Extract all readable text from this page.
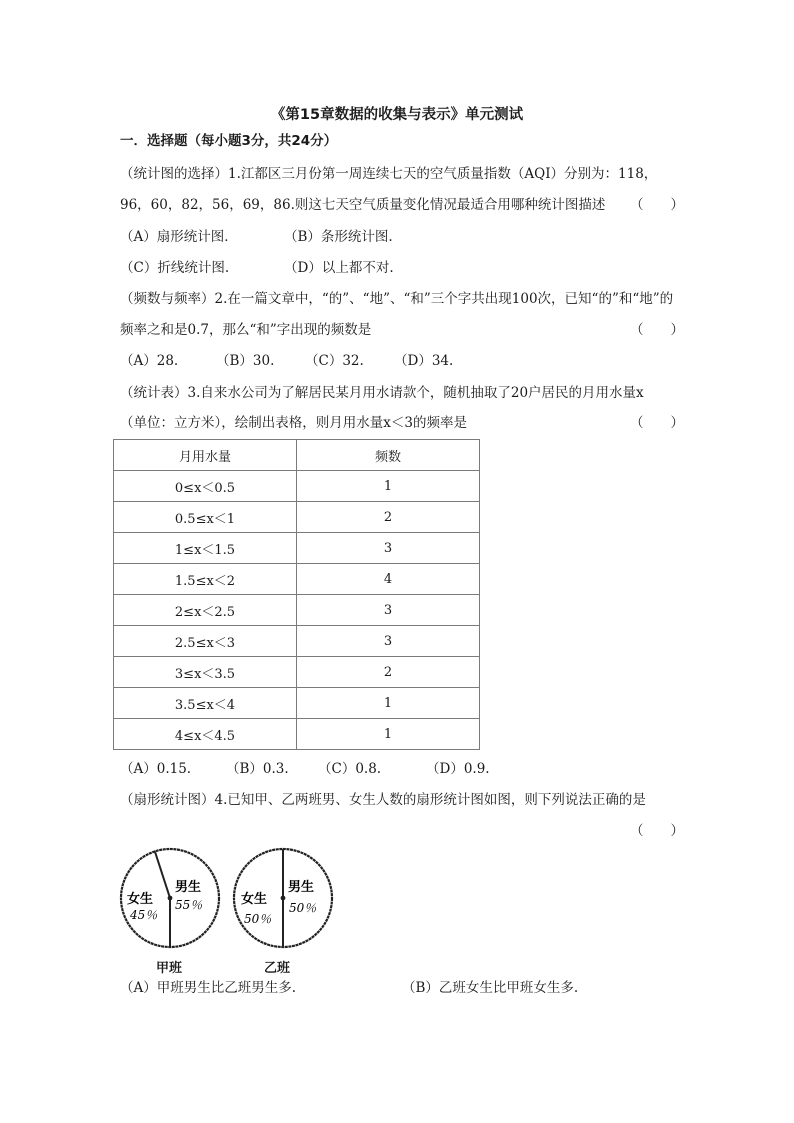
《第15章数据的收集与表示》单元测试
一．选择题（每小题3分，共24分）
（统计图的选择）1.江都区三月份第一周连续七天的空气质量指数（AQI）分别为：118，
96，60，82，56，69，86.则这七天空气质量变化情况最适合用哪种统计图描述 （　　）
（A）扇形统计图．	（B）条形统计图.
（C）折线统计图.	（D）以上都不对.
（频数与频率）2.在一篇文章中，“的”、“地”、“和”三个字共出现100次，已知“的”和“地”的
频率之和是0.7，那么“和”字出现的频数是	（　　）
（A）28.	（B）30. （C）32. （D）34.
（统计表）3.自来水公司为了解居民某月用水请款个，随机抽取了20户居民的月用水量x
（单位：立方米），绘制出表格，则月用水量x＜3的频率是	（　　）
月用水量	频数
0≤x＜0.5	1
0.5≤x＜1	2
1≤x＜1.5	3
1.5≤x＜2	4
2≤x＜2.5	3
2.5≤x＜3	3
3≤x＜3.5	2
3.5≤x＜4	1
4≤x＜4.5	1
（A）0.15.	（B）0.3. （C）0.8.	（D）0.9.
（扇形统计图）4.已知甲、乙两班男、女生人数的扇形统计图如图，则下列说法正确的是
（　　）
男生
55％
女生
45％
甲班
男生
50％
女生
50％
乙班
（A）甲班男生比乙班男生多.	（B）乙班女生比甲班女生多.
